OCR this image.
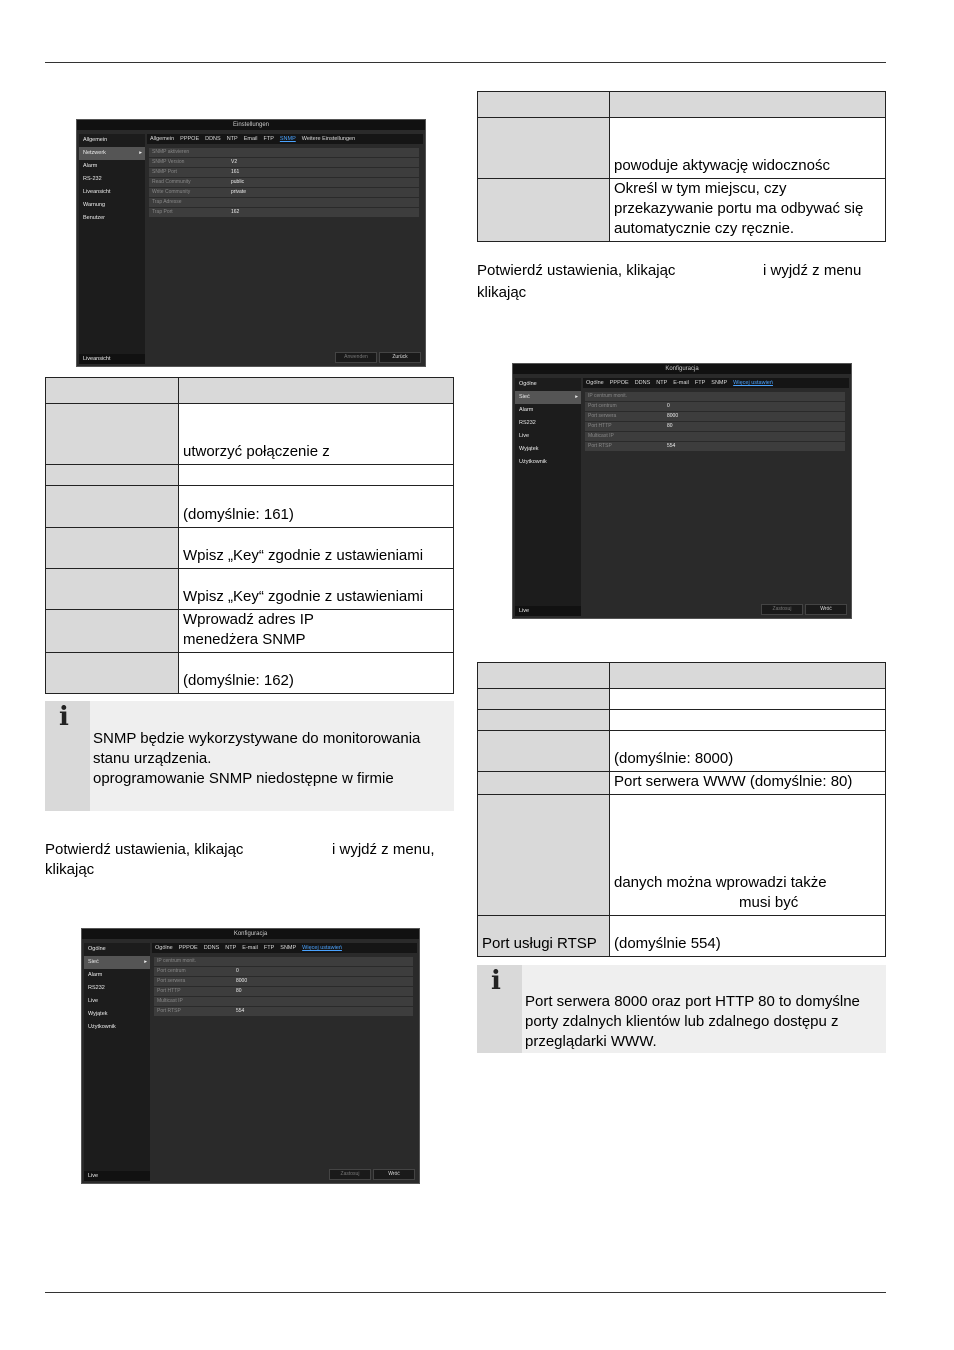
Einstellungen
Allgemein
Netzwerk	▸
Alarm
RS-232
Liveansicht
Warnung
Benutzer
Liveansicht
Allgemein PPPOE DDNS NTP Email FTP SNMP Weitere Einstellungen
SNMP aktivieren
SNMP Version	V2
SNMP Port	161
Read Community	public
Write Community	private
Trap Adresse
Trap Port	162
Anwenden	Zurück

	utworzyć połączenie z

	(domyślnie: 161)
	Wpisz „Key“ zgodnie z ustawieniami
	Wpisz „Key“ zgodnie z ustawieniami
	Wprowadź adres IP
menedżera SNMP
	(domyślnie: 162)
i
SNMP będzie wykorzystywane do monitorowania
stanu urządzenia.
oprogramowanie SNMP niedostępne w firmie
Potwierdź ustawienia, klikając	i wyjdź z menu,
klikając
Konfiguracja
Ogólne
Sieć	▸
Alarm
RS232
Live
Wyjątek
Użytkownik
Live
Ogólne PPPOE DDNS NTP E-mail FTP SNMP Więcej ustawień
IP centrum monit.
Port centrum	0
Port serwera	8000
Port HTTP	80
Multicast IP
Port RTSP	554
Zastosuj	Wróć

	powoduje aktywację widocznośc
	Określ w tym miejscu, czy
przekazywanie portu ma odbywać się
automatycznie czy ręcznie.
Potwierdź ustawienia, klikając	i wyjdź z menu
klikając
Konfiguracja
Ogólne
Sieć	▸
Alarm
RS232
Live
Wyjątek
Użytkownik
Live
Ogólne PPPOE DDNS NTP E-mail FTP SNMP Więcej ustawień
IP centrum monit.
Port centrum	0
Port serwera	8000
Port HTTP	80
Multicast IP
Port RTSP	554
Zastosuj	Wróć

	(domyślnie: 8000)
	Port serwera WWW (domyślnie: 80)
	danych można wprowadzi także
musi być
Port usługi RTSP	(domyślnie 554)
i
Port serwera 8000 oraz port HTTP 80 to domyślne
porty zdalnych klientów lub zdalnego dostępu z
przeglądarki WWW.
